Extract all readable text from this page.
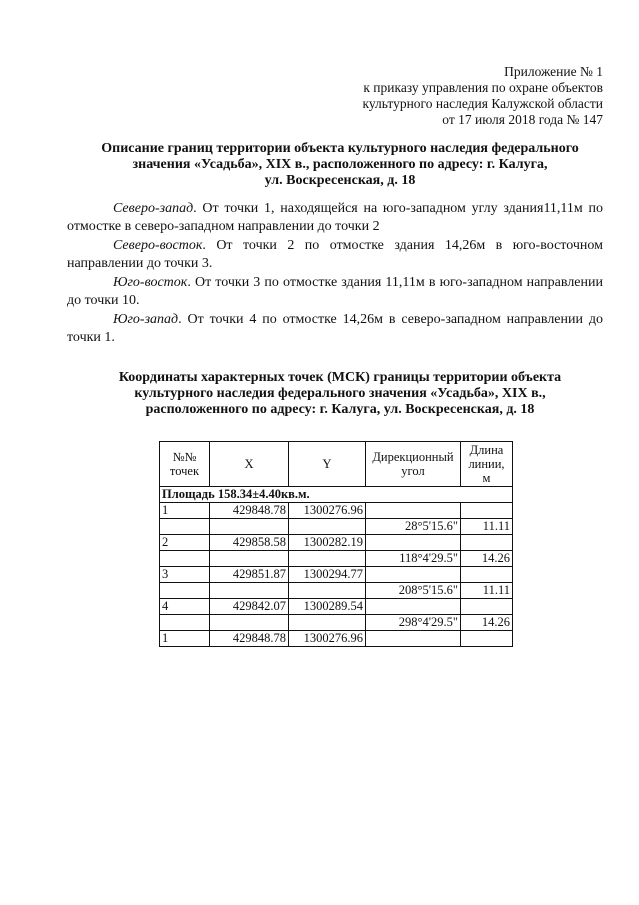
Приложение № 1
к приказу управления по охране объектов
культурного наследия Калужской области
от 17 июля 2018 года № 147
Описание границ территории объекта культурного наследия федерального
значения «Усадьба», XIX в., расположенного по адресу: г. Калуга,
ул. Воскресенская, д. 18

Северо-запад. От точки 1, находящейся на юго-западном углу здания11,11м по отмостке в северо-западном направлении до точки 2

Северо-восток. От точки 2 по отмостке здания 14,26м в юго-восточном направлении до точки 3.

Юго-восток. От точки 3 по отмостке здания 11,11м в юго-западном направлении до точки 10.

Юго-запад. От точки 4 по отмостке 14,26м в северо-западном направлении до точки 1.

Координаты характерных точек (МСК) границы территории объекта
культурного наследия федерального значения «Усадьба», XIX в.,
расположенного по адресу: г. Калуга, ул. Воскресенская, д. 18
№№
точек	X	Y	Дирекционный
угол	Длина
линии,
м
Площадь 158.34±4.40кв.м.				
1	429848.78	1300276.96		
			28°5'15.6"	11.11
2	429858.58	1300282.19		
			118°4'29.5"	14.26
3	429851.87	1300294.77		
			208°5'15.6"	11.11
4	429842.07	1300289.54		
			298°4'29.5"	14.26
1	429848.78	1300276.96		
